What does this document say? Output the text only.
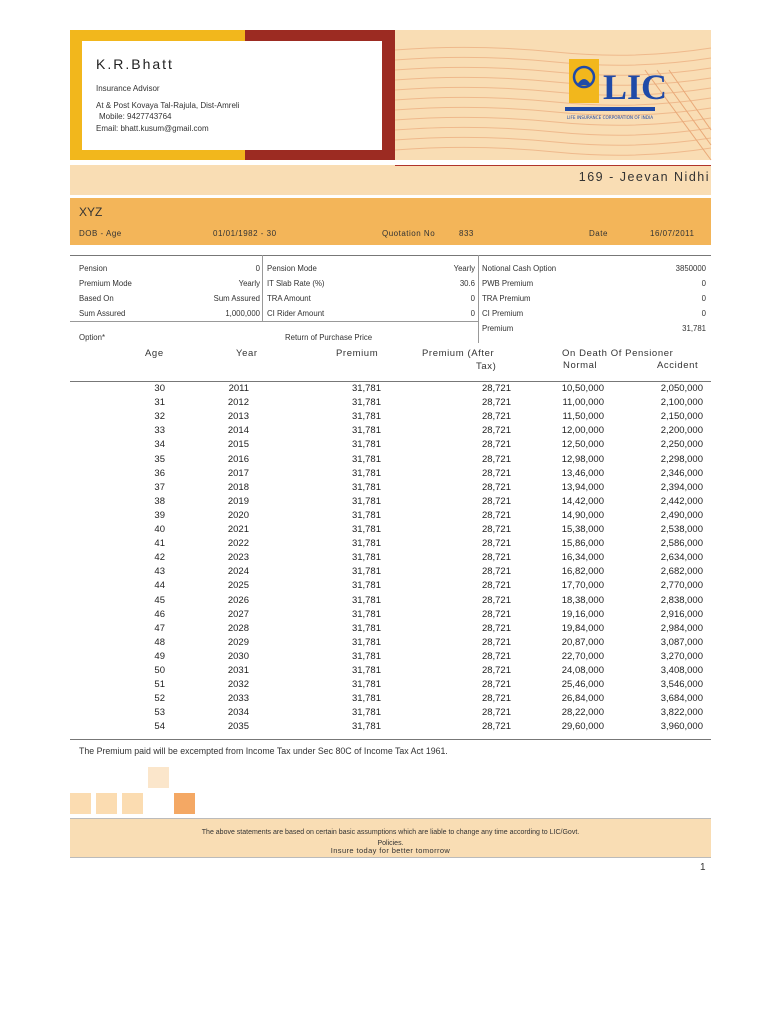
K.R.Bhatt
Insurance Advisor
At & Post Kovaya Tal-Rajula, Dist-Amreli
Mobile: 9427743764
Email: bhatt.kusum@gmail.com
LIC
LIFE INSURANCE CORPORATION OF INDIA
169 - Jeevan Nidhi
XYZ
DOB - Age	01/01/1982 - 30	Quotation No	833	Date	16/07/2011
Pension	0
Premium Mode	Yearly
Based On	Sum Assured
Sum Assured	1,000,000
Pension Mode	Yearly
IT Slab Rate (%)	30.6
TRA Amount	0
CI Rider Amount	0
Notional Cash Option	3850000
PWB Premium	0
TRA Premium	0
CI Premium	0
Premium	31,781
Option*	Return of Purchase Price
Age	Year	Premium	Premium (After
Tax)
On Death Of Pensioner
Normal	Accident
30	2011	31,781	28,721	10,50,000	2,050,000
31	2012	31,781	28,721	11,00,000	2,100,000
32	2013	31,781	28,721	11,50,000	2,150,000
33	2014	31,781	28,721	12,00,000	2,200,000
34	2015	31,781	28,721	12,50,000	2,250,000
35	2016	31,781	28,721	12,98,000	2,298,000
36	2017	31,781	28,721	13,46,000	2,346,000
37	2018	31,781	28,721	13,94,000	2,394,000
38	2019	31,781	28,721	14,42,000	2,442,000
39	2020	31,781	28,721	14,90,000	2,490,000
40	2021	31,781	28,721	15,38,000	2,538,000
41	2022	31,781	28,721	15,86,000	2,586,000
42	2023	31,781	28,721	16,34,000	2,634,000
43	2024	31,781	28,721	16,82,000	2,682,000
44	2025	31,781	28,721	17,70,000	2,770,000
45	2026	31,781	28,721	18,38,000	2,838,000
46	2027	31,781	28,721	19,16,000	2,916,000
47	2028	31,781	28,721	19,84,000	2,984,000
48	2029	31,781	28,721	20,87,000	3,087,000
49	2030	31,781	28,721	22,70,000	3,270,000
50	2031	31,781	28,721	24,08,000	3,408,000
51	2032	31,781	28,721	25,46,000	3,546,000
52	2033	31,781	28,721	26,84,000	3,684,000
53	2034	31,781	28,721	28,22,000	3,822,000
54	2035	31,781	28,721	29,60,000	3,960,000
The Premium paid will be excempted from Income Tax under Sec 80C of Income Tax Act 1961.
The above statements are based on certain basic assumptions which are liable to change any time according to LIC/Govt.
Policies.
Insure today for better tomorrow
1
